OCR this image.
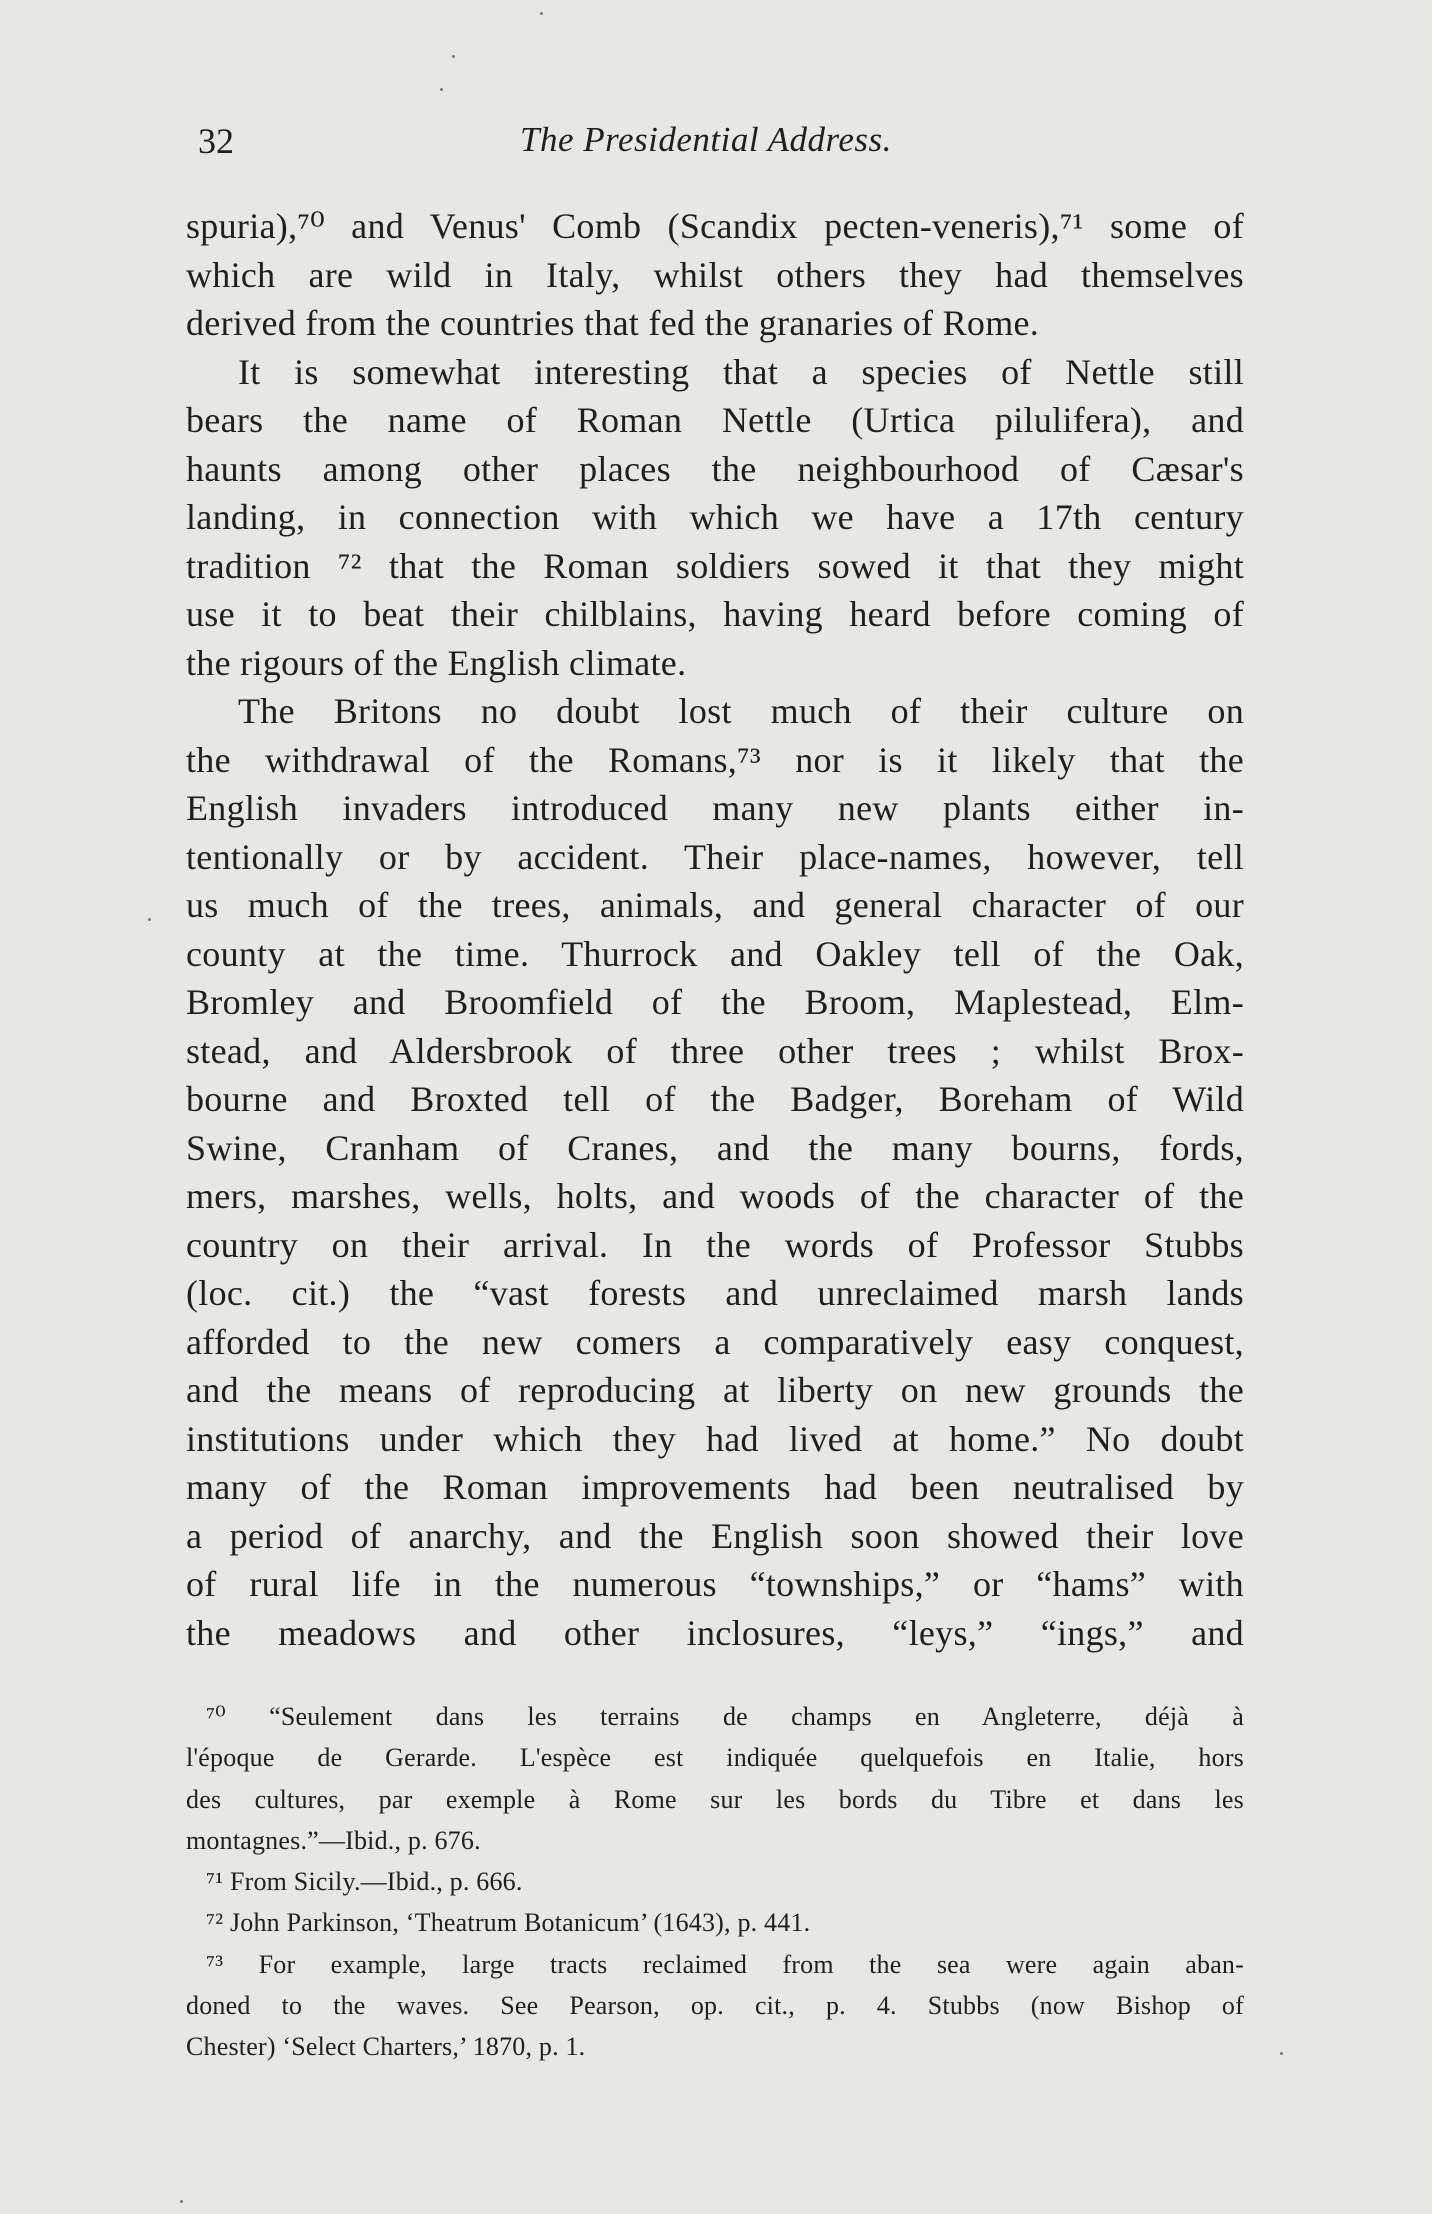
32	The Presidential Address.
spuria),⁷⁰ and Venus' Comb (Scandix pecten-veneris),⁷¹ some of
which are wild in Italy, whilst others they had themselves
derived from the countries that fed the granaries of Rome.
It is somewhat interesting that a species of Nettle still
bears the name of Roman Nettle (Urtica pilulifera), and
haunts among other places the neighbourhood of Cæsar's
landing, in connection with which we have a 17th century
tradition ⁷² that the Roman soldiers sowed it that they might
use it to beat their chilblains, having heard before coming of
the rigours of the English climate.
The Britons no doubt lost much of their culture on
the withdrawal of the Romans,⁷³ nor is it likely that the
English invaders introduced many new plants either in-
tentionally or by accident. Their place-names, however, tell
us much of the trees, animals, and general character of our
county at the time. Thurrock and Oakley tell of the Oak,
Bromley and Broomfield of the Broom, Maplestead, Elm-
stead, and Aldersbrook of three other trees ; whilst Brox-
bourne and Broxted tell of the Badger, Boreham of Wild
Swine, Cranham of Cranes, and the many bourns, fords,
mers, marshes, wells, holts, and woods of the character of the
country on their arrival. In the words of Professor Stubbs
(loc. cit.) the “vast forests and unreclaimed marsh lands
afforded to the new comers a comparatively easy conquest,
and the means of reproducing at liberty on new grounds the
institutions under which they had lived at home.” No doubt
many of the Roman improvements had been neutralised by
a period of anarchy, and the English soon showed their love
of rural life in the numerous “townships,” or “hams” with
the meadows and other inclosures, “leys,” “ings,” and
⁷⁰ “Seulement dans les terrains de champs en Angleterre, déjà à
l'époque de Gerarde. L'espèce est indiquée quelquefois en Italie, hors
des cultures, par exemple à Rome sur les bords du Tibre et dans les
montagnes.”—Ibid., p. 676.
⁷¹ From Sicily.—Ibid., p. 666.
⁷² John Parkinson, ‘Theatrum Botanicum’ (1643), p. 441.
⁷³ For example, large tracts reclaimed from the sea were again aban-
doned to the waves. See Pearson, op. cit., p. 4. Stubbs (now Bishop of
Chester) ‘Select Charters,’ 1870, p. 1.
